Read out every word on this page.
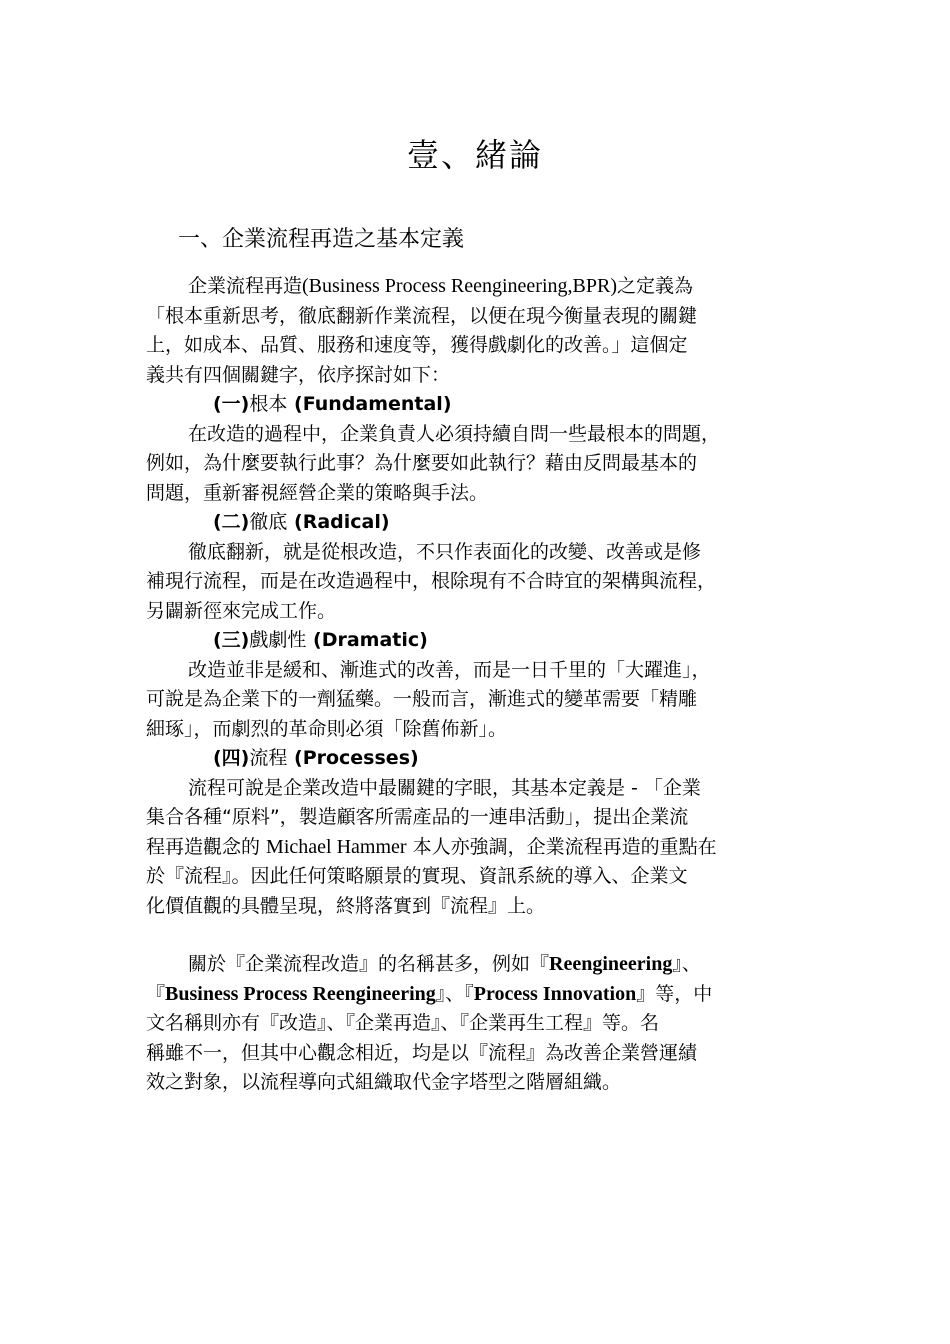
壹、緒論
一、企業流程再造之基本定義
企業流程再造(Business Process Reengineering,BPR)之定義為
「根本重新思考，徹底翻新作業流程，以便在現今衡量表現的關鍵
上，如成本、品質、服務和速度等，獲得戲劇化的改善。」這個定
義共有四個關鍵字，依序探討如下：
(一)根本 (Fundamental)
在改造的過程中，企業負責人必須持續自問一些最根本的問題，
例如，為什麼要執行此事？為什麼要如此執行？藉由反問最基本的
問題，重新審視經營企業的策略與手法。
(二)徹底 (Radical)
徹底翻新，就是從根改造，不只作表面化的改變、改善或是修
補現行流程，而是在改造過程中，根除現有不合時宜的架構與流程，
另闢新徑來完成工作。
(三)戲劇性 (Dramatic)
改造並非是緩和、漸進式的改善，而是一日千里的「大躍進」，
可說是為企業下的一劑猛藥。一般而言，漸進式的變革需要「精雕
細琢」，而劇烈的革命則必須「除舊佈新」。
(四)流程 (Processes)
流程可說是企業改造中最關鍵的字眼，其基本定義是 - 「企業
集合各種“原料”，製造顧客所需產品的一連串活動」，提出企業流
程再造觀念的 Michael Hammer 本人亦強調，企業流程再造的重點在
於『流程』。因此任何策略願景的實現、資訊系統的導入、企業文
化價值觀的具體呈現，終將落實到『流程』上。
關於『企業流程改造』的名稱甚多，例如『Reengineering』、
『Business Process Reengineering』、『Process Innovation』等，中
文名稱則亦有『改造』、『企業再造』、『企業再生工程』等。名
稱雖不一，但其中心觀念相近，均是以『流程』為改善企業營運績
效之對象，以流程導向式組織取代金字塔型之階層組織。
